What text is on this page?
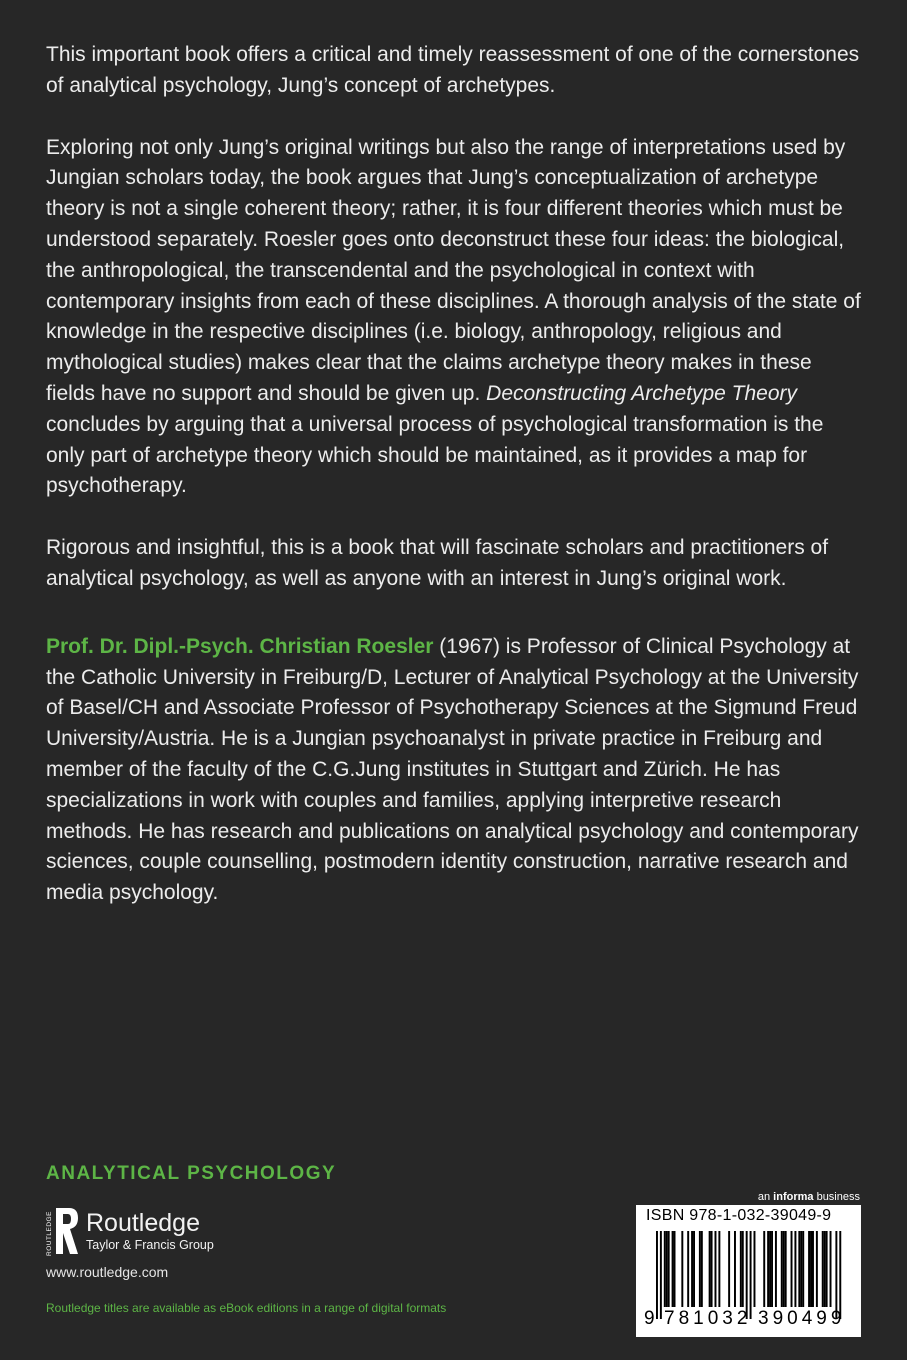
This important book offers a critical and timely reassessment of one of the cornerstones of analytical psychology, Jung’s concept of archetypes.

Exploring not only Jung’s original writings but also the range of interpretations used by Jungian scholars today, the book argues that Jung’s conceptualization of archetype theory is not a single coherent theory; rather, it is four different theories which must be understood separately. Roesler goes onto deconstruct these four ideas: the biological, the anthropological, the transcendental and the psychological in context with contemporary insights from each of these disciplines. A thorough analysis of the state of knowledge in the respective disciplines (i.e. biology, anthropology, religious and mythological studies) makes clear that the claims archetype theory makes in these fields have no support and should be given up. Deconstructing Archetype Theory concludes by arguing that a universal process of psychological transformation is the only part of archetype theory which should be maintained, as it provides a map for psychotherapy.

Rigorous and insightful, this is a book that will fascinate scholars and practitioners of analytical psychology, as well as anyone with an interest in Jung’s original work.

Prof. Dr. Dipl.-Psych. Christian Roesler (1967) is Professor of Clinical Psychology at the Catholic University in Freiburg/D, Lecturer of Analytical Psychology at the University of Basel/CH and Associate Professor of Psychotherapy Sciences at the Sigmund Freud University/Austria. He is a Jungian psychoanalyst in private practice in Freiburg and member of the faculty of the C.G.Jung institutes in Stuttgart and Zürich. He has specializations in work with couples and families, applying interpretive research methods. He has research and publications on analytical psychology and contemporary sciences, couple counselling, postmodern identity construction, narrative research and media psychology.

ANALYTICAL PSYCHOLOGY
ROUTLEDGE Routledge
Taylor & Francis Group
www.routledge.com
Routledge titles are available as eBook editions in a range of digital formats
an informa business
ISBN 978-1-032-39049-9
9 781032 390499
